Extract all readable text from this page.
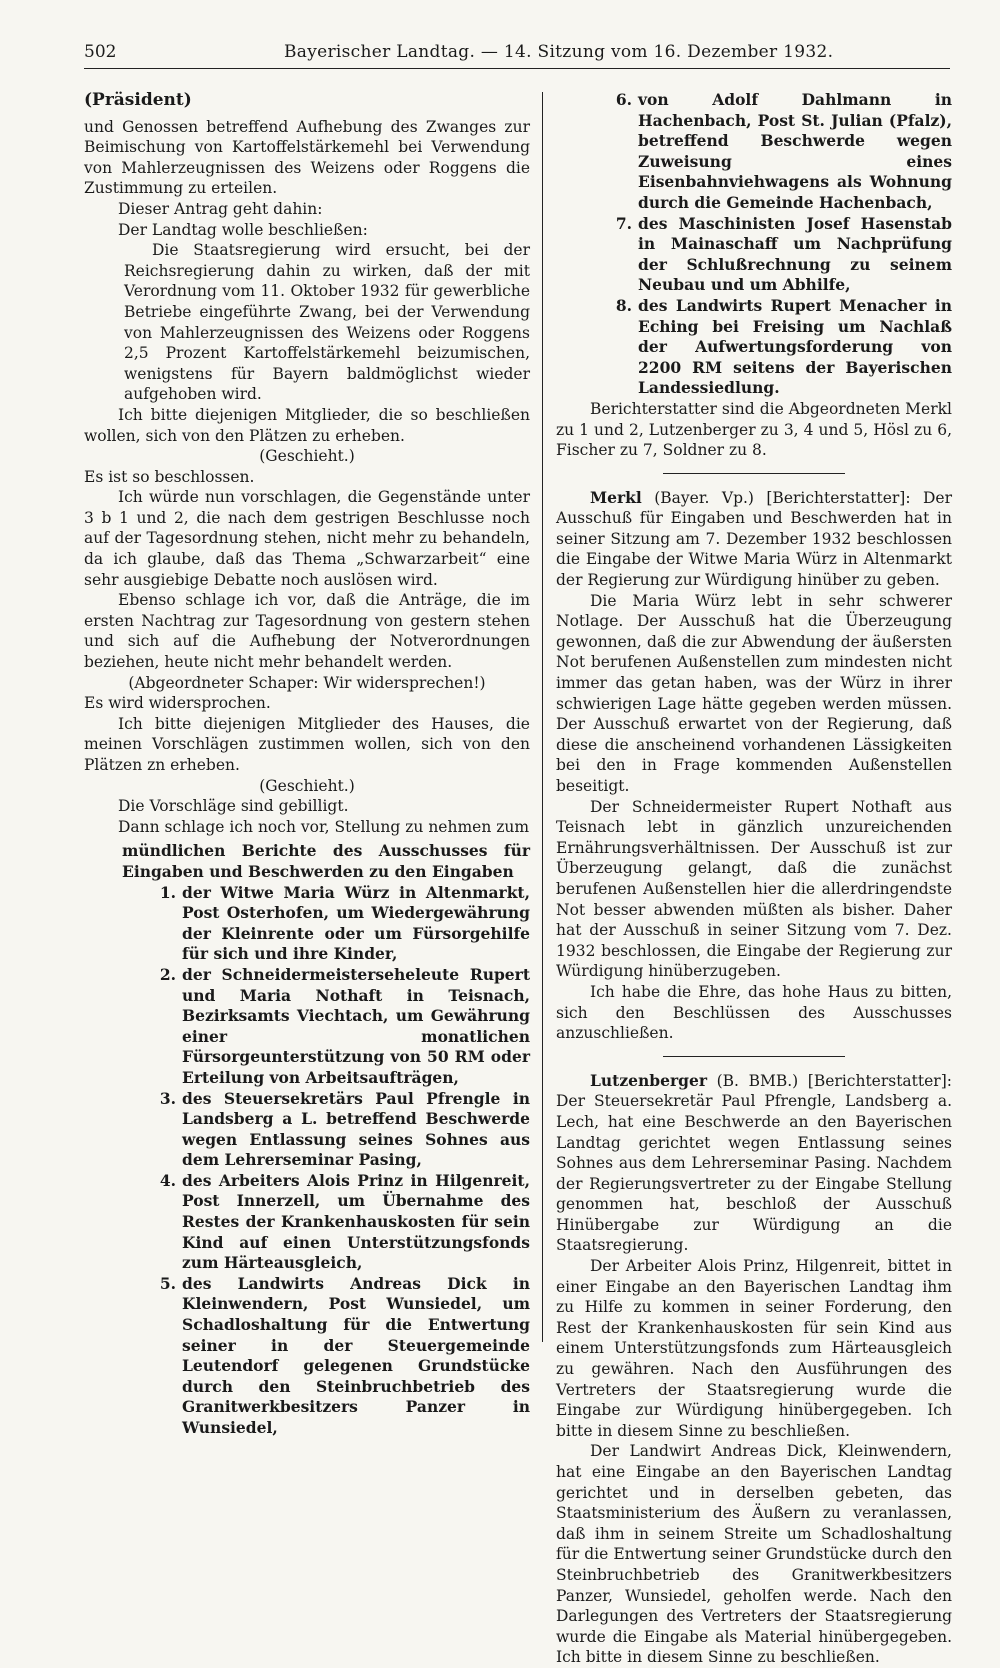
502	Bayerischer Landtag. — 14. Sitzung vom 16. Dezember 1932.

(Präsident)

und Genossen betreffend Aufhebung des Zwanges zur Beimischung von Kartoffelstärkemehl bei Verwendung von Mahlerzeugnissen des Weizens oder Roggens die Zustimmung zu erteilen.

Dieser Antrag geht dahin:

Der Landtag wolle beschließen:

Die Staatsregierung wird ersucht, bei der Reichsregierung dahin zu wirken, daß der mit Verordnung vom 11. Oktober 1932 für gewerbliche Betriebe eingeführte Zwang, bei der Verwendung von Mahlerzeugnissen des Weizens oder Roggens 2,5 Prozent Kartoffelstärkemehl beizumischen, wenigstens für Bayern baldmöglichst wieder aufgehoben wird.

Ich bitte diejenigen Mitglieder, die so beschließen wollen, sich von den Plätzen zu erheben.

(Geschieht.)

Es ist so beschlossen.

Ich würde nun vorschlagen, die Gegenstände unter 3 b 1 und 2, die nach dem gestrigen Beschlusse noch auf der Tagesordnung stehen, nicht mehr zu behandeln, da ich glaube, daß das Thema „Schwarzarbeit“ eine sehr ausgiebige Debatte noch auslösen wird.

Ebenso schlage ich vor, daß die Anträge, die im ersten Nachtrag zur Tagesordnung von gestern stehen und sich auf die Aufhebung der Notverordnungen beziehen, heute nicht mehr behandelt werden.

(Abgeordneter Schaper: Wir widersprechen!)

Es wird widersprochen.

Ich bitte diejenigen Mitglieder des Hauses, die meinen Vorschlägen zustimmen wollen, sich von den Plätzen zn erheben.

(Geschieht.)

Die Vorschläge sind gebilligt.

Dann schlage ich noch vor, Stellung zu nehmen zum

mündlichen Berichte des Ausschusses für Eingaben und Beschwerden zu den Eingaben

1. der Witwe Maria Würz in Altenmarkt, Post Osterhofen, um Wiedergewährung der Kleinrente oder um Fürsorgehilfe für sich und ihre Kinder,
2. der Schneidermeisterseheleute Rupert und Maria Nothaft in Teisnach, Bezirksamts Viechtach, um Gewährung einer monatlichen Fürsorgeunterstützung von 50 RM oder Erteilung von Arbeitsaufträgen,
3. des Steuersekretärs Paul Pfrengle in Landsberg a L. betreffend Beschwerde wegen Entlassung seines Sohnes aus dem Lehrerseminar Pasing,
4. des Arbeiters Alois Prinz in Hilgenreit, Post Innerzell, um Übernahme des Restes der Krankenhauskosten für sein Kind auf einen Unterstützungsfonds zum Härteausgleich,
5. des Landwirts Andreas Dick in Kleinwendern, Post Wunsiedel, um Schadloshaltung für die Entwertung seiner in der Steuergemeinde Leutendorf gelegenen Grundstücke durch den Steinbruchbetrieb des Granitwerkbesitzers Panzer in Wunsiedel,
6. von Adolf Dahlmann in Hachenbach, Post St. Julian (Pfalz), betreffend Beschwerde wegen Zuweisung eines Eisenbahnviehwagens als Wohnung durch die Gemeinde Hachenbach,
7. des Maschinisten Josef Hasenstab in Mainaschaff um Nachprüfung der Schlußrechnung zu seinem Neubau und um Abhilfe,
8. des Landwirts Rupert Menacher in Eching bei Freising um Nachlaß der Aufwertungsforderung von 2200 RM seitens der Bayerischen Landessiedlung.

Berichterstatter sind die Abgeordneten Merkl zu 1 und 2, Lutzenberger zu 3, 4 und 5, Hösl zu 6, Fischer zu 7, Soldner zu 8.

Merkl (Bayer. Vp.) [Berichterstatter]: Der Ausschuß für Eingaben und Beschwerden hat in seiner Sitzung am 7. Dezember 1932 beschlossen die Eingabe der Witwe Maria Würz in Altenmarkt der Regierung zur Würdigung hinüber zu geben.

Die Maria Würz lebt in sehr schwerer Notlage. Der Ausschuß hat die Überzeugung gewonnen, daß die zur Abwendung der äußersten Not berufenen Außenstellen zum mindesten nicht immer das getan haben, was der Würz in ihrer schwierigen Lage hätte gegeben werden müssen. Der Ausschuß erwartet von der Regierung, daß diese die anscheinend vorhandenen Lässigkeiten bei den in Frage kommenden Außenstellen beseitigt.

Der Schneidermeister Rupert Nothaft aus Teisnach lebt in gänzlich unzureichenden Ernährungsverhältnissen. Der Ausschuß ist zur Überzeugung gelangt, daß die zunächst berufenen Außenstellen hier die allerdringendste Not besser abwenden müßten als bisher. Daher hat der Ausschuß in seiner Sitzung vom 7. Dez. 1932 beschlossen, die Eingabe der Regierung zur Würdigung hinüberzugeben.

Ich habe die Ehre, das hohe Haus zu bitten, sich den Beschlüssen des Ausschusses anzuschließen.

Lutzenberger (B. BMB.) [Berichterstatter]: Der Steuersekretär Paul Pfrengle, Landsberg a. Lech, hat eine Beschwerde an den Bayerischen Landtag gerichtet wegen Entlassung seines Sohnes aus dem Lehrerseminar Pasing. Nachdem der Regierungsvertreter zu der Eingabe Stellung genommen hat, beschloß der Ausschuß Hinübergabe zur Würdigung an die Staatsregierung.

Der Arbeiter Alois Prinz, Hilgenreit, bittet in einer Eingabe an den Bayerischen Landtag ihm zu Hilfe zu kommen in seiner Forderung, den Rest der Krankenhauskosten für sein Kind aus einem Unterstützungsfonds zum Härteausgleich zu gewähren. Nach den Ausführungen des Vertreters der Staatsregierung wurde die Eingabe zur Würdigung hinübergegeben. Ich bitte in diesem Sinne zu beschließen.

Der Landwirt Andreas Dick, Kleinwendern, hat eine Eingabe an den Bayerischen Landtag gerichtet und in derselben gebeten, das Staatsministerium des Äußern zu veranlassen, daß ihm in seinem Streite um Schadloshaltung für die Entwertung seiner Grundstücke durch den Steinbruchbetrieb des Granitwerkbesitzers Panzer, Wunsiedel, geholfen werde. Nach den Darlegungen des Vertreters der Staatsregierung wurde die Eingabe als Material hinübergegeben. Ich bitte in diesem Sinne zu beschließen.
